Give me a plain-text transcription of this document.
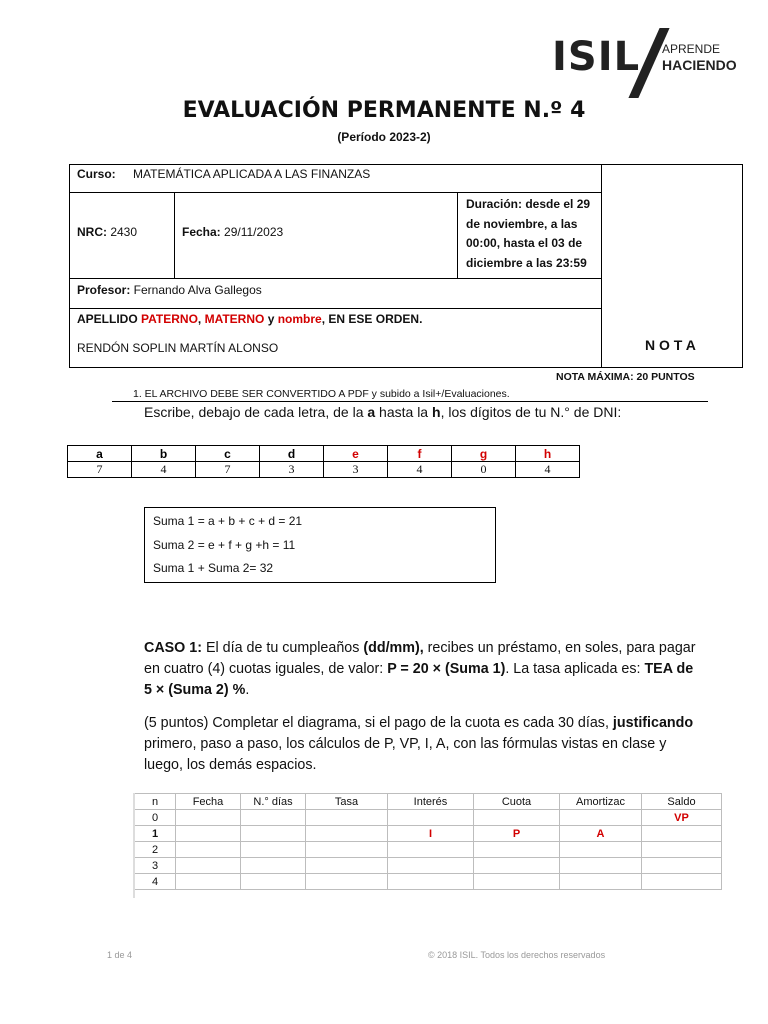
ISIL APRENDE
HACIENDO
EVALUACIÓN PERMANENTE N.º 4
(Período 2023-2)
Curso: MATEMÁTICA APLICADA A LAS FINANZAS
NRC: 2430	Fecha: 29/11/2023
Duración: desde el 29
de noviembre, a las
00:00, hasta el 03 de
diciembre a las 23:59
Profesor: Fernando Alva Gallegos
APELLIDO PATERNO, MATERNO y nombre, EN ESE ORDEN.
RENDÓN SOPLIN MARTÍN ALONSO	N O T A
NOTA MÁXIMA: 20 PUNTOS
1. EL ARCHIVO DEBE SER CONVERTIDO A PDF y subido a Isil+/Evaluaciones.
Escribe, debajo de cada letra, de la a hasta la h, los dígitos de tu N.° de DNI:
a	b	c	d	e	f	g	h
7	4	7	3	3	4	0	4
Suma 1 = a + b + c + d = 21
Suma 2 = e + f + g +h = 11
Suma 1 + Suma 2= 32
CASO 1: El día de tu cumpleaños (dd/mm), recibes un préstamo, en soles, para pagar en cuatro (4) cuotas iguales, de valor: P = 20 × (Suma 1). La tasa aplicada es: TEA de 5 × (Suma 2) %.
(5 puntos) Completar el diagrama, si el pago de la cuota es cada 30 días, justificando primero, paso a paso, los cálculos de P, VP, I, A, con las fórmulas vistas en clase y luego, los demás espacios.
n	Fecha	N.° días	Tasa	Interés	Cuota	Amortizac	Saldo
0							VP
1				I	P	A	
2							
3							
4							
1 de 4	© 2018 ISIL. Todos los derechos reservados
